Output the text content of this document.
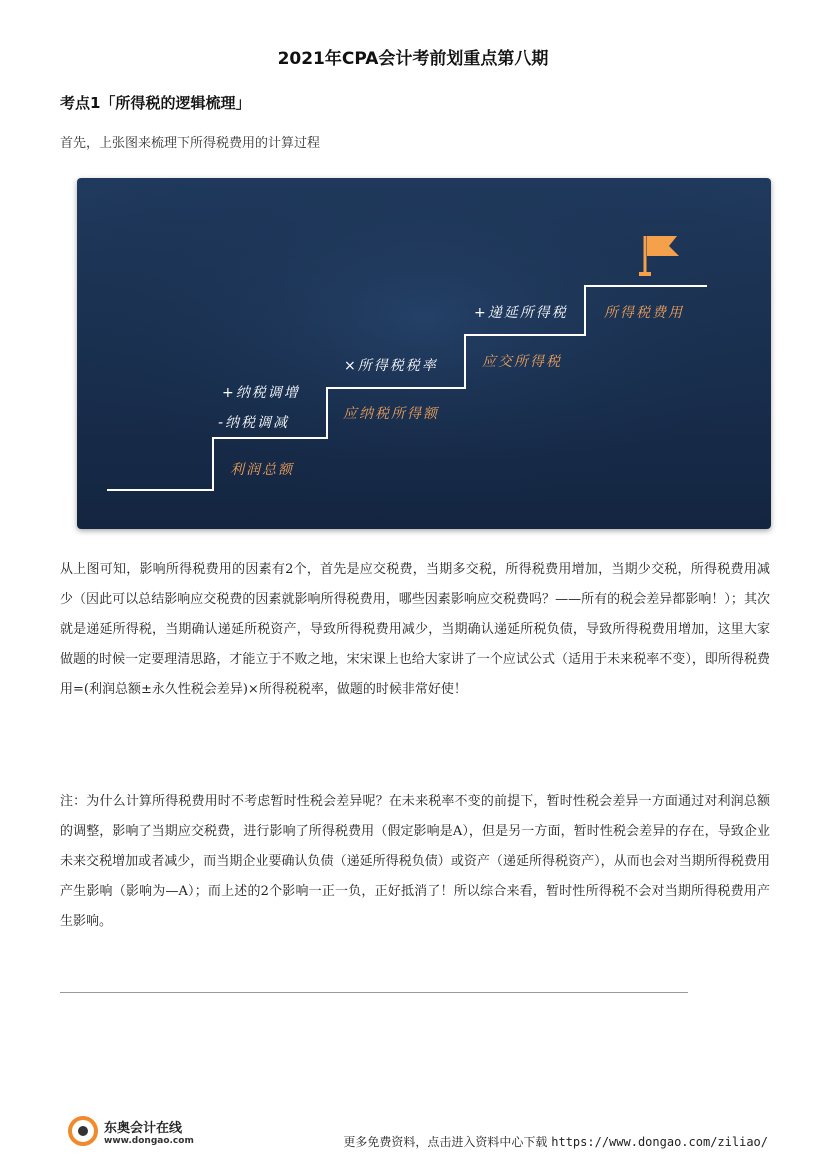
2021年CPA会计考前划重点第八期
考点1「所得税的逻辑梳理」
首先，上张图来梳理下所得税费用的计算过程
利润总额
+纳税调增
-纳税调减
应纳税所得额
×所得税税率	应交所得税
+递延所得税	所得税费用

从上图可知，影响所得税费用的因素有2个，首先是应交税费，当期多交税，所得税费用增加，当期少交税，所得税费用减少（因此可以总结影响应交税费的因素就影响所得税费用，哪些因素影响应交税费吗？——所有的税会差异都影响！）；其次就是递延所得税，当期确认递延所税资产，导致所得税费用减少，当期确认递延所税负债，导致所得税费用增加，这里大家做题的时候一定要理清思路，才能立于不败之地，宋宋课上也给大家讲了一个应试公式（适用于未来税率不变），即所得税费用=(利润总额±永久性税会差异)×所得税税率，做题的时候非常好使！

注：为什么计算所得税费用时不考虑暂时性税会差异呢？在未来税率不变的前提下，暂时性税会差异一方面通过对利润总额的调整，影响了当期应交税费，进行影响了所得税费用（假定影响是A），但是另一方面，暂时性税会差异的存在，导致企业未来交税增加或者减少，而当期企业要确认负债（递延所得税负债）或资产（递延所得税资产），从而也会对当期所得税费用产生影响（影响为—A）；而上述的2个影响一正一负，正好抵消了！所以综合来看，暂时性所得税不会对当期所得税费用产生影响。

东奥会计在线
www.dongao.com	更多免费资料，点击进入资料中心下载 https://www.dongao.com/ziliao/
